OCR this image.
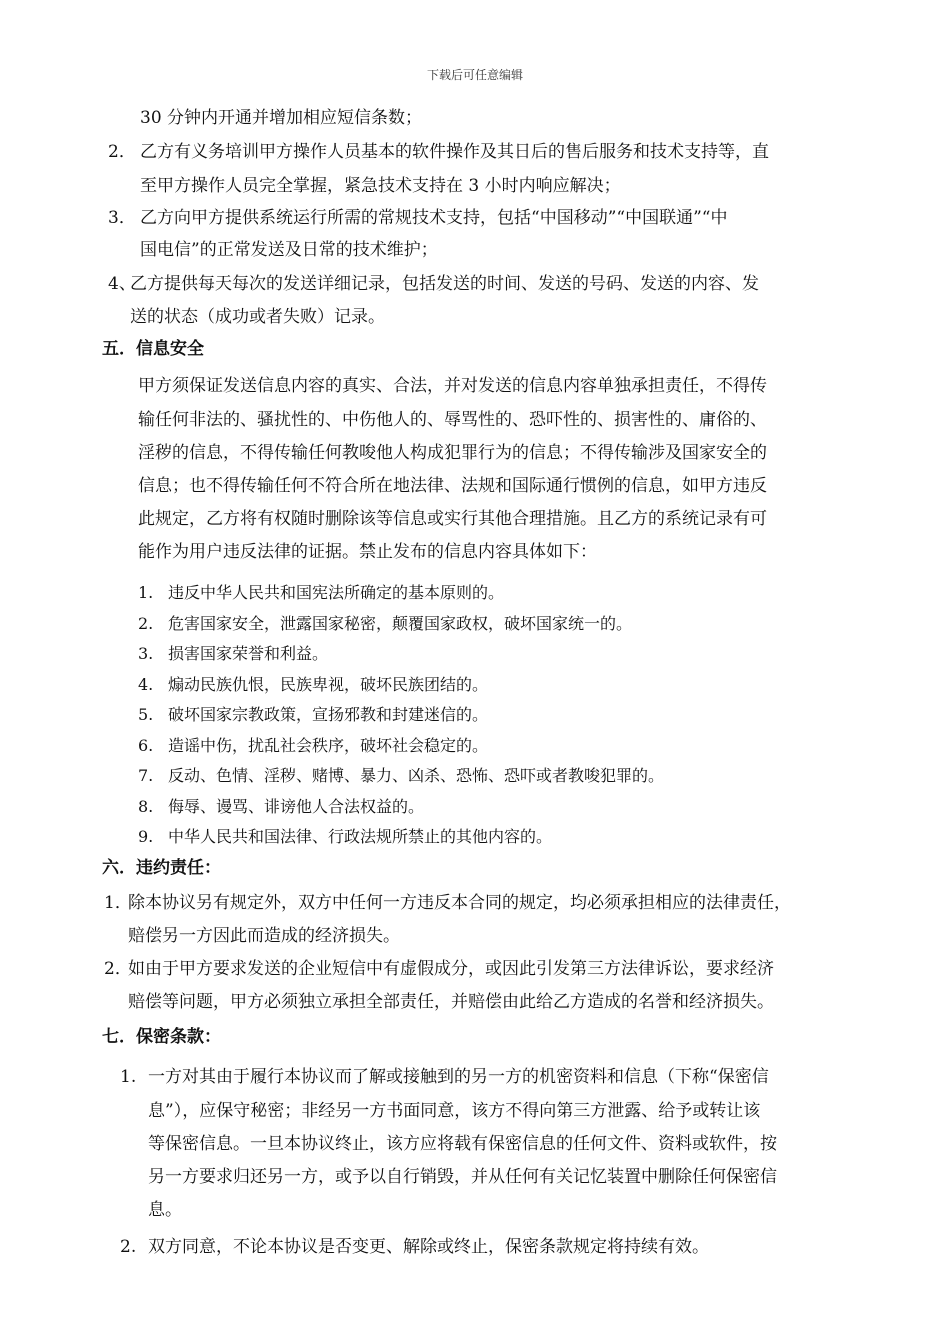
下载后可任意编辑
30 分钟内开通并增加相应短信条数；
2． 乙方有义务培训甲方操作人员基本的软件操作及其日后的售后服务和技术支持等，直
至甲方操作人员完全掌握，紧急技术支持在 3 小时内响应解决；
3． 乙方向甲方提供系统运行所需的常规技术支持，包括“中国移动”“中国联通”“中
国电信”的正常发送及日常的技术维护；
4、
乙方提供每天每次的发送详细记录，包括发送的时间、发送的号码、发送的内容、发
送的状态（成功或者失败）记录。
五．信息安全
甲方须保证发送信息内容的真实、合法，并对发送的信息内容单独承担责任，不得传
输任何非法的、骚扰性的、中伤他人的、辱骂性的、恐吓性的、损害性的、庸俗的、
淫秽的信息，不得传输任何教唆他人构成犯罪行为的信息；不得传输涉及国家安全的
信息；也不得传输任何不符合所在地法律、法规和国际通行惯例的信息，如甲方违反
此规定，乙方将有权随时删除该等信息或实行其他合理措施。且乙方的系统记录有可
能作为用户违反法律的证据。禁止发布的信息内容具体如下：
1. 违反中华人民共和国宪法所确定的基本原则的。
2. 危害国家安全，泄露国家秘密，颠覆国家政权，破坏国家统一的。
3. 损害国家荣誉和利益。
4. 煽动民族仇恨，民族卑视，破坏民族团结的。
5. 破坏国家宗教政策，宣扬邪教和封建迷信的。
6. 造谣中伤，扰乱社会秩序，破坏社会稳定的。
7. 反动、色情、淫秽、赌博、暴力、凶杀、恐怖、恐吓或者教唆犯罪的。
8. 侮辱、谩骂、诽谤他人合法权益的。
9. 中华人民共和国法律、行政法规所禁止的其他内容的。
六．违约责任：
1．
除本协议另有规定外，双方中任何一方违反本合同的规定，均必须承担相应的法律责任，
赔偿另一方因此而造成的经济损失。
2．
如由于甲方要求发送的企业短信中有虚假成分，或因此引发第三方法律诉讼，要求经济
赔偿等问题，甲方必须独立承担全部责任，并赔偿由此给乙方造成的名誉和经济损失。
七．保密条款：
1. 一方对其由于履行本协议而了解或接触到的另一方的机密资料和信息（下称“保密信
息”），应保守秘密；非经另一方书面同意，该方不得向第三方泄露、给予或转让该
等保密信息。一旦本协议终止，该方应将载有保密信息的任何文件、资料或软件，按
另一方要求归还另一方，或予以自行销毁，并从任何有关记忆装置中删除任何保密信
息。
2. 双方同意，不论本协议是否变更、解除或终止，保密条款规定将持续有效。
